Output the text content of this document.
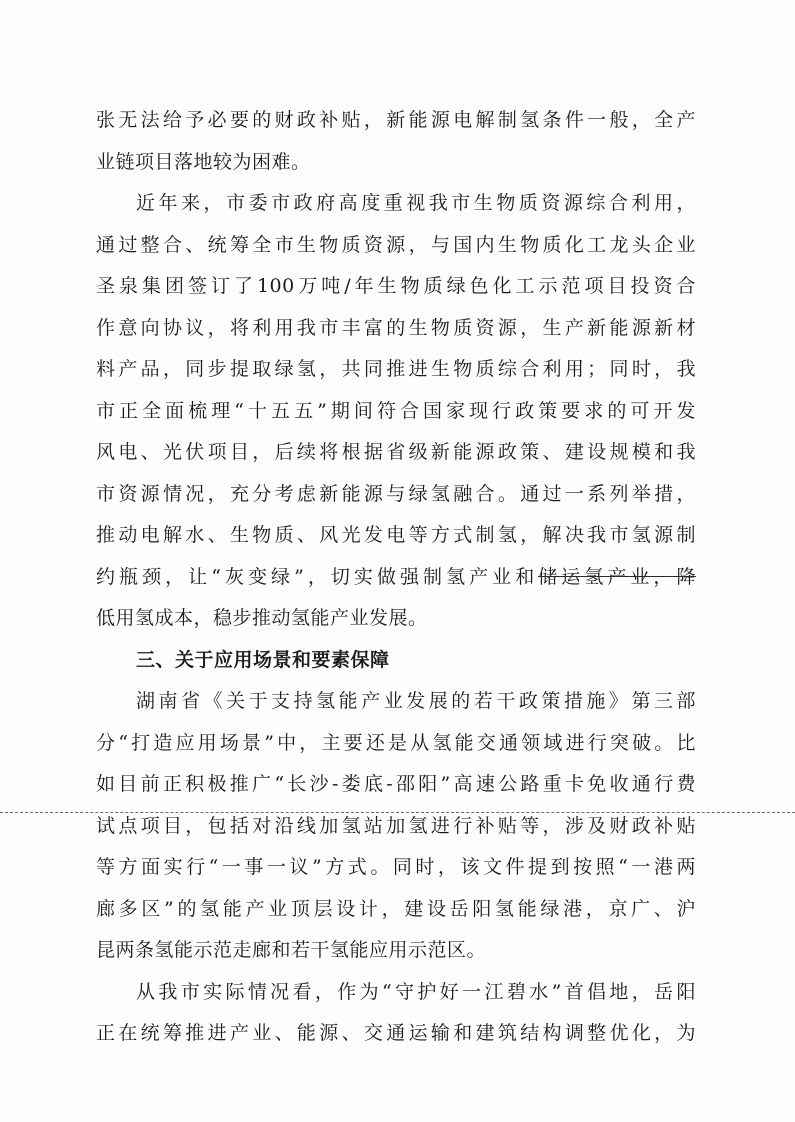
张无法给予必要的财政补贴，新能源电解制氢条件一般，全产
业链项目落地较为困难。
近年来，市委市政府高度重视我市生物质资源综合利用，
通过整合、统筹全市生物质资源，与国内生物质化工龙头企业
圣泉集团签订了100万吨/年生物质绿色化工示范项目投资合
作意向协议，将利用我市丰富的生物质资源，生产新能源新材
料产品，同步提取绿氢，共同推进生物质综合利用；同时，我
市正全面梳理“十五五”期间符合国家现行政策要求的可开发
风电、光伏项目，后续将根据省级新能源政策、建设规模和我
市资源情况，充分考虑新能源与绿氢融合。通过一系列举措，
推动电解水、生物质、风光发电等方式制氢，解决我市氢源制
约瓶颈，让“灰变绿”，切实做强制氢产业和储运氢产业，降
低用氢成本，稳步推动氢能产业发展。
三、关于应用场景和要素保障
湖南省《关于支持氢能产业发展的若干政策措施》第三部
分“打造应用场景”中，主要还是从氢能交通领域进行突破。比
如目前正积极推广“长沙-娄底-邵阳”高速公路重卡免收通行费
试点项目，包括对沿线加氢站加氢进行补贴等，涉及财政补贴
等方面实行“一事一议”方式。同时，该文件提到按照“一港两
廊多区”的氢能产业顶层设计，建设岳阳氢能绿港，京广、沪
昆两条氢能示范走廊和若干氢能应用示范区。
从我市实际情况看，作为“守护好一江碧水”首倡地，岳阳
正在统筹推进产业、能源、交通运输和建筑结构调整优化，为
